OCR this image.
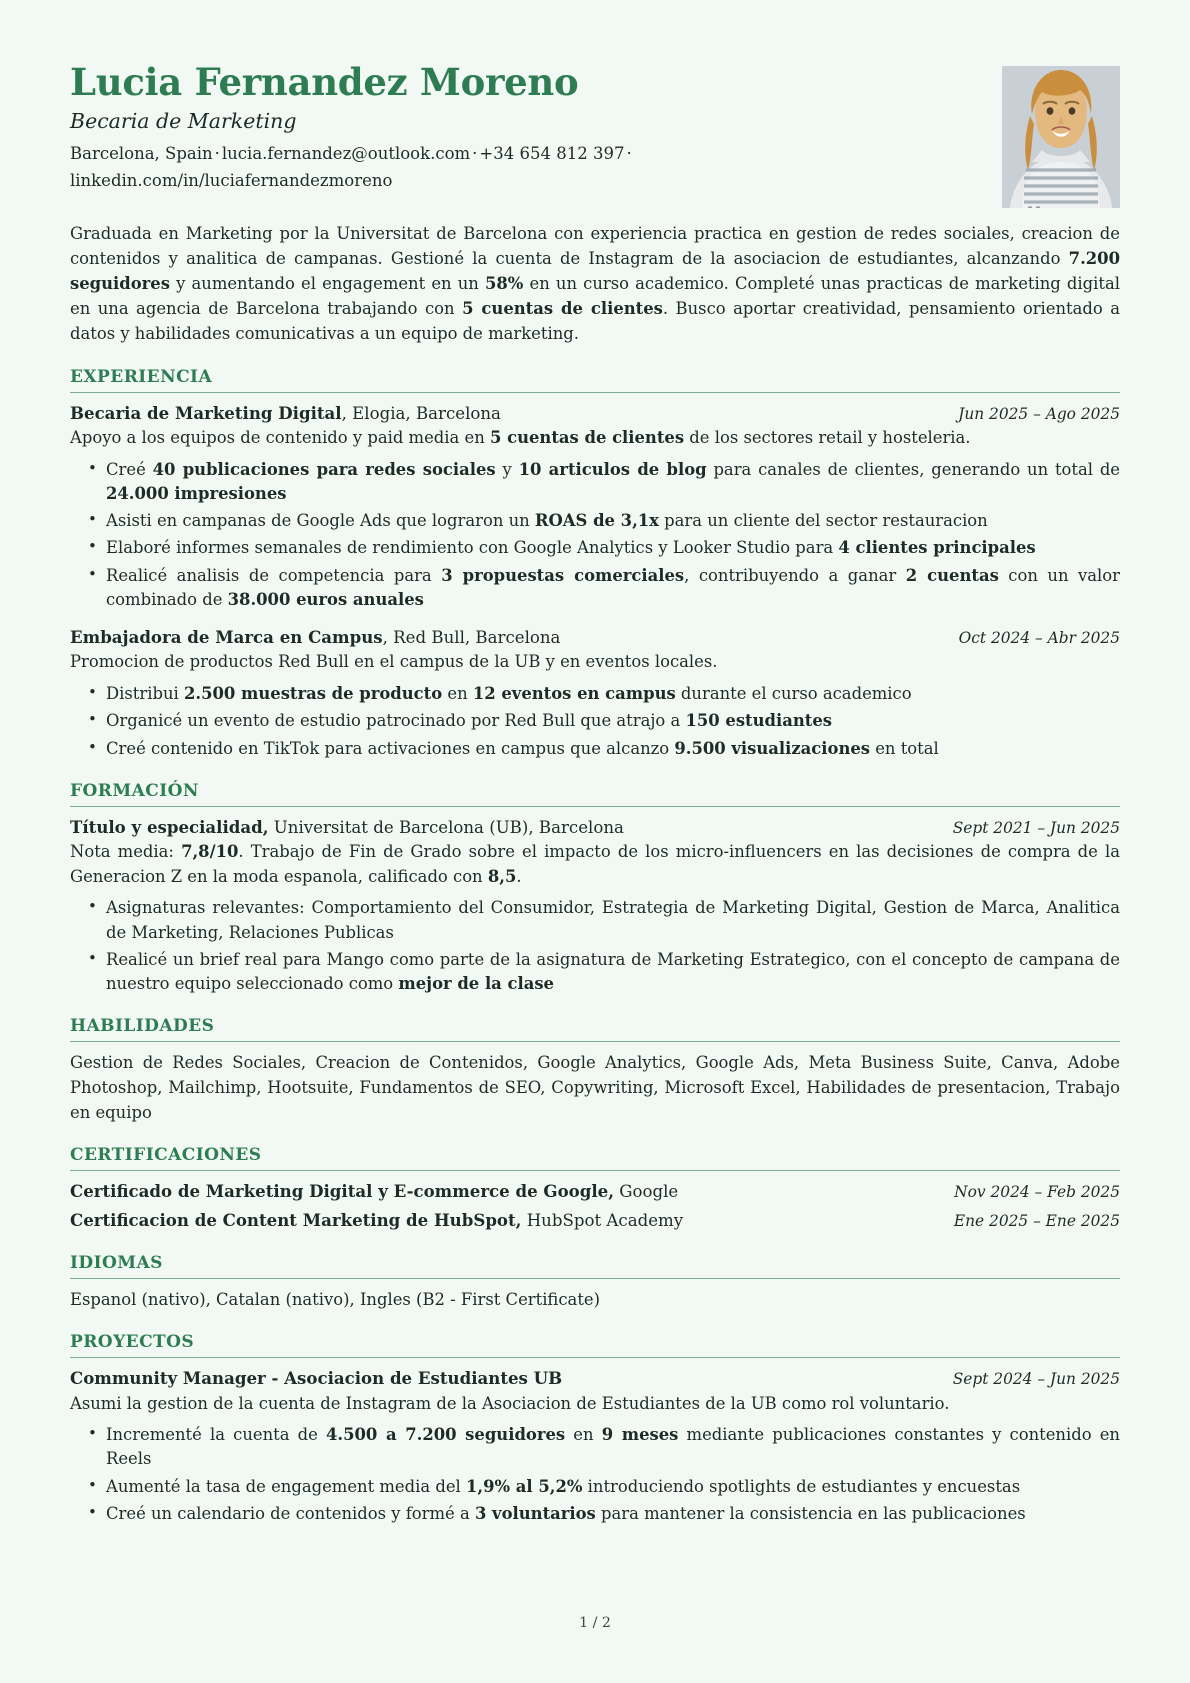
Lucia Fernandez Moreno
Becaria de Marketing
Barcelona, Spain · lucia.fernandez@outlook.com · +34 654 812 397 · linkedin.com/in/luciafernandezmoreno
Graduada en Marketing por la Universitat de Barcelona con experiencia practica en gestion de redes sociales, creacion de contenidos y analitica de campanas. Gestioné la cuenta de Instagram de la asociacion de estudiantes, alcanzando 7.200 seguidores y aumentando el engagement en un 58% en un curso academico. Completé unas practicas de marketing digital en una agencia de Barcelona trabajando con 5 cuentas de clientes. Busco aportar creatividad, pensamiento orientado a datos y habilidades comunicativas a un equipo de marketing.
EXPERIENCIA
Becaria de Marketing Digital, Elogia, Barcelona	Jun 2025 – Ago 2025
Apoyo a los equipos de contenido y paid media en 5 cuentas de clientes de los sectores retail y hosteleria.
• Creé 40 publicaciones para redes sociales y 10 articulos de blog para canales de clientes, generando un total de 24.000 impresiones
• Asisti en campanas de Google Ads que lograron un ROAS de 3,1x para un cliente del sector restauracion
• Elaboré informes semanales de rendimiento con Google Analytics y Looker Studio para 4 clientes principales
• Realicé analisis de competencia para 3 propuestas comerciales, contribuyendo a ganar 2 cuentas con un valor combinado de 38.000 euros anuales
Embajadora de Marca en Campus, Red Bull, Barcelona	Oct 2024 – Abr 2025
Promocion de productos Red Bull en el campus de la UB y en eventos locales.
• Distribui 2.500 muestras de producto en 12 eventos en campus durante el curso academico
• Organicé un evento de estudio patrocinado por Red Bull que atrajo a 150 estudiantes
• Creé contenido en TikTok para activaciones en campus que alcanzo 9.500 visualizaciones en total
FORMACIÓN
Título y especialidad, Universitat de Barcelona (UB), Barcelona	Sept 2021 – Jun 2025
Nota media: 7,8/10. Trabajo de Fin de Grado sobre el impacto de los micro-influencers en las decisiones de compra de la Generacion Z en la moda espanola, calificado con 8,5.
• Asignaturas relevantes: Comportamiento del Consumidor, Estrategia de Marketing Digital, Gestion de Marca, Analitica de Marketing, Relaciones Publicas
• Realicé un brief real para Mango como parte de la asignatura de Marketing Estrategico, con el concepto de campana de nuestro equipo seleccionado como mejor de la clase
HABILIDADES
Gestion de Redes Sociales, Creacion de Contenidos, Google Analytics, Google Ads, Meta Business Suite, Canva, Adobe Photoshop, Mailchimp, Hootsuite, Fundamentos de SEO, Copywriting, Microsoft Excel, Habilidades de presentacion, Trabajo en equipo
CERTIFICACIONES
Certificado de Marketing Digital y E-commerce de Google, Google	Nov 2024 – Feb 2025
Certificacion de Content Marketing de HubSpot, HubSpot Academy	Ene 2025 – Ene 2025
IDIOMAS
Espanol (nativo), Catalan (nativo), Ingles (B2 - First Certificate)
PROYECTOS
Community Manager - Asociacion de Estudiantes UB	Sept 2024 – Jun 2025
Asumi la gestion de la cuenta de Instagram de la Asociacion de Estudiantes de la UB como rol voluntario.
• Incrementé la cuenta de 4.500 a 7.200 seguidores en 9 meses mediante publicaciones constantes y contenido en Reels
• Aumenté la tasa de engagement media del 1,9% al 5,2% introduciendo spotlights de estudiantes y encuestas
• Creé un calendario de contenidos y formé a 3 voluntarios para mantener la consistencia en las publicaciones
1 / 2
